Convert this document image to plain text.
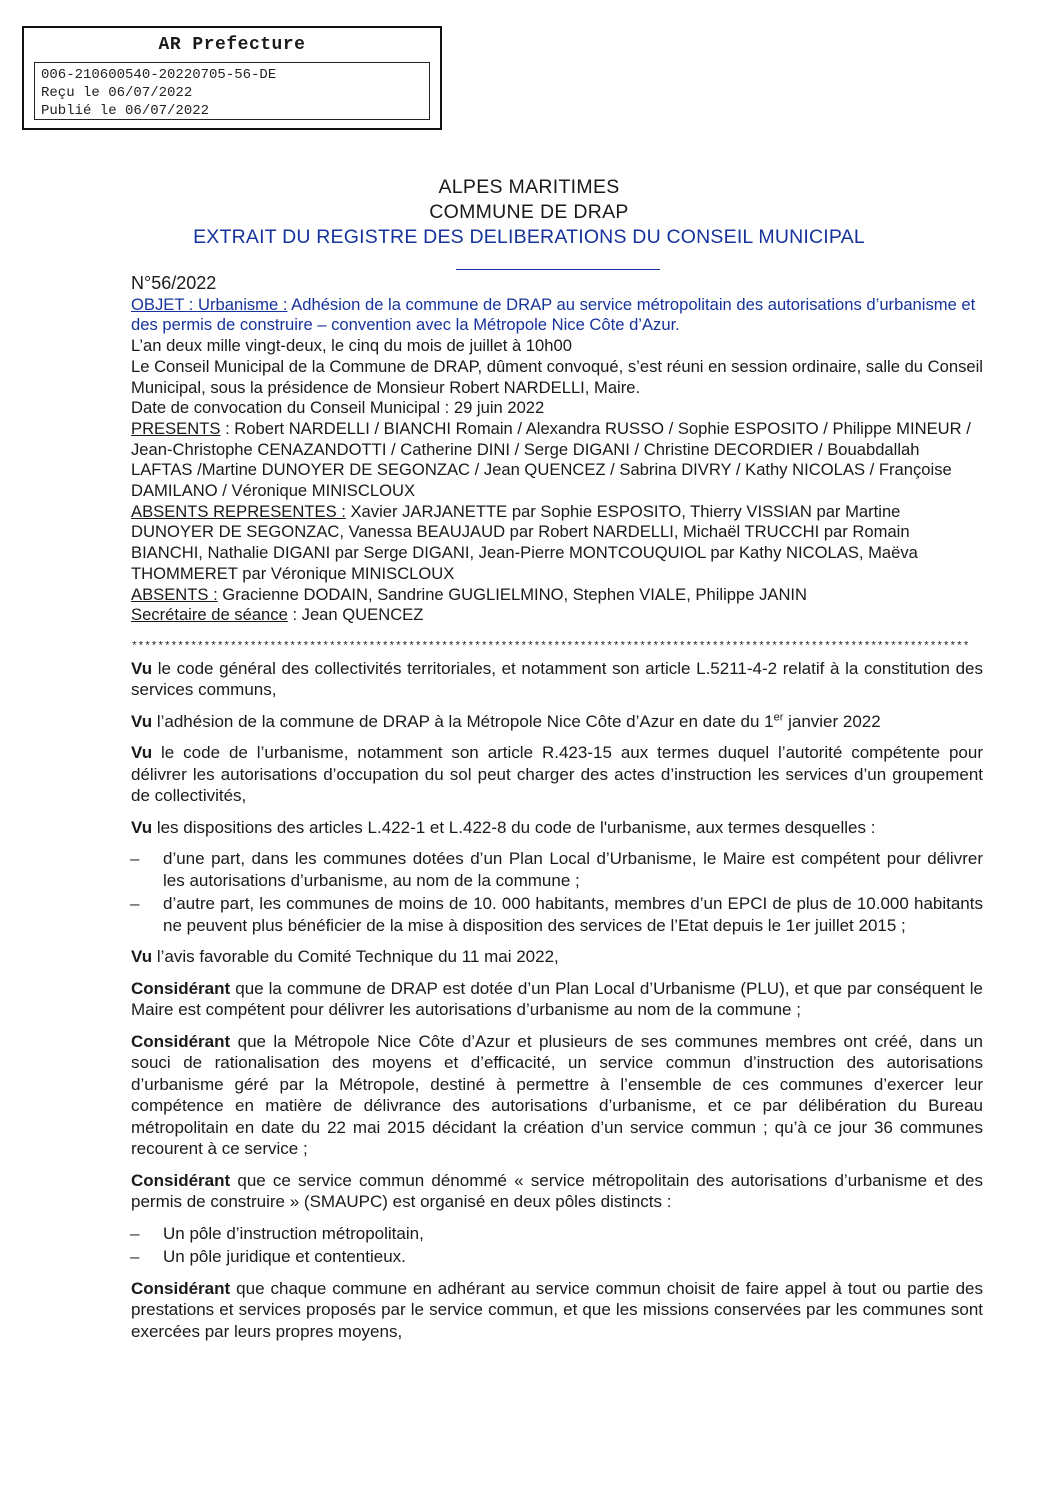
AR Prefecture
006-210600540-20220705-56-DE
Reçu le 06/07/2022
Publié le 06/07/2022
ALPES MARITIMES
COMMUNE DE DRAP
EXTRAIT DU REGISTRE DES DELIBERATIONS DU CONSEIL MUNICIPAL
N°56/2022

OBJET : Urbanisme : Adhésion de la commune de DRAP au service métropolitain des autorisations d’urbanisme et des permis de construire – convention avec la Métropole Nice Côte d’Azur.

L’an deux mille vingt-deux, le cinq du mois de juillet à 10h00

Le Conseil Municipal de la Commune de DRAP, dûment convoqué, s’est réuni en session ordinaire, salle du Conseil Municipal, sous la présidence de Monsieur Robert NARDELLI, Maire.

Date de convocation du Conseil Municipal : 29 juin 2022

PRESENTS : Robert NARDELLI / BIANCHI Romain / Alexandra RUSSO / Sophie ESPOSITO / Philippe MINEUR / Jean-Christophe CENAZANDOTTI / Catherine DINI / Serge DIGANI / Christine DECORDIER / Bouabdallah LAFTAS /Martine DUNOYER DE SEGONZAC / Jean QUENCEZ / Sabrina DIVRY / Kathy NICOLAS / Françoise DAMILANO / Véronique MINISCLOUX

ABSENTS REPRESENTES : Xavier JARJANETTE par Sophie ESPOSITO, Thierry VISSIAN par Martine DUNOYER DE SEGONZAC, Vanessa BEAUJAUD par Robert NARDELLI, Michaël TRUCCHI par Romain BIANCHI, Nathalie DIGANI par Serge DIGANI, Jean-Pierre MONTCOUQUIOL par Kathy NICOLAS, Maëva THOMMERET par Véronique MINISCLOUX

ABSENTS : Gracienne DODAIN, Sandrine GUGLIELMINO, Stephen VIALE, Philippe JANIN

Secrétaire de séance : Jean QUENCEZ

*******************************************************************************************************************************

Vu le code général des collectivités territoriales, et notamment son article L.5211-4-2 relatif à la constitution des services communs,

Vu l’adhésion de la commune de DRAP à la Métropole Nice Côte d’Azur en date du 1er janvier 2022

Vu le code de l’urbanisme, notamment son article R.423-15 aux termes duquel l’autorité compétente pour délivrer les autorisations d’occupation du sol peut charger des actes d’instruction les services d’un groupement de collectivités,

Vu les dispositions des articles L.422-1 et L.422-8 du code de l'urbanisme, aux termes desquelles :

– d’une part, dans les communes dotées d’un Plan Local d’Urbanisme, le Maire est compétent pour délivrer les autorisations d’urbanisme, au nom de la commune ;
– d’autre part, les communes de moins de 10. 000 habitants, membres d’un EPCI de plus de 10.000 habitants ne peuvent plus bénéficier de la mise à disposition des services de l’Etat depuis le 1er juillet 2015 ;

Vu l’avis favorable du Comité Technique du 11 mai 2022,

Considérant que la commune de DRAP est dotée d’un Plan Local d’Urbanisme (PLU), et que par conséquent le Maire est compétent pour délivrer les autorisations d’urbanisme au nom de la commune ;

Considérant que la Métropole Nice Côte d’Azur et plusieurs de ses communes membres ont créé, dans un souci de rationalisation des moyens et d’efficacité, un service commun d’instruction des autorisations d’urbanisme géré par la Métropole, destiné à permettre à l’ensemble de ces communes d’exercer leur compétence en matière de délivrance des autorisations d’urbanisme, et ce par délibération du Bureau métropolitain en date du 22 mai 2015 décidant la création d’un service commun ; qu’à ce jour 36 communes recourent à ce service ;

Considérant que ce service commun dénommé « service métropolitain des autorisations d’urbanisme et des permis de construire » (SMAUPC) est organisé en deux pôles distincts :

– Un pôle d’instruction métropolitain,
– Un pôle juridique et contentieux.

Considérant que chaque commune en adhérant au service commun choisit de faire appel à tout ou partie des prestations et services proposés par le service commun, et que les missions conservées par les communes sont exercées par leurs propres moyens,
